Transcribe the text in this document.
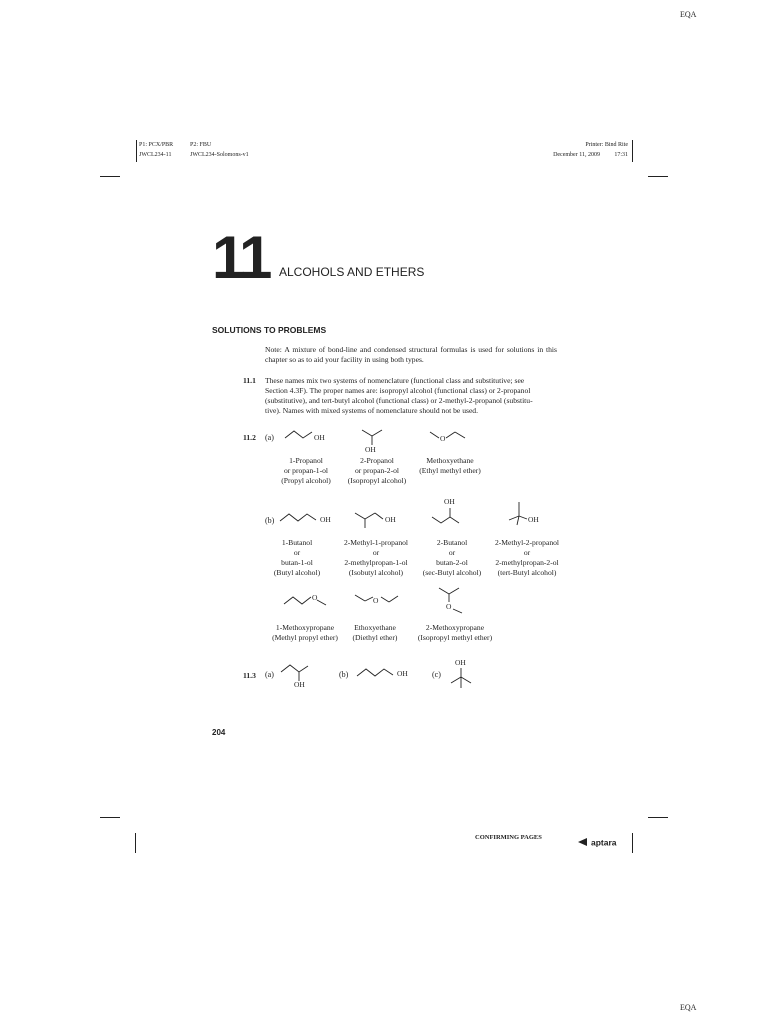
EQA
EQA
P1: PCX/PBR	P2: FBU
JWCL234-11	JWCL234-Solomons-v1
Printer: Bind Rite
December 11, 2009	17:31
11 ALCOHOLS AND ETHERS
SOLUTIONS TO PROBLEMS
Note: A mixture of bond-line and condensed structural formulas is used for solutions in this chapter so as to aid your facility in using both types.
11.1 These names mix two systems of nomenclature (functional class and substitutive; see
Section 4.3F). The proper names are: isopropyl alcohol (functional class) or 2-propanol
(substitutive), and tert-butyl alcohol (functional class) or 2-methyl-2-propanol (substitu-
tive). Names with mixed systems of nomenclature should not be used.
11.2 (a)	OH
OH
O
1-Propanol
or propan-1-ol
(Propyl alcohol)
2-Propanol
or propan-2-ol
(Isopropyl alcohol)
Methoxyethane
(Ethyl methyl ether)
(b)	OH	OH
OH
OH
1-Butanol
or
butan-1-ol
(Butyl alcohol)
2-Methyl-1-propanol
or
2-methylpropan-1-ol
(Isobutyl alcohol)
2-Butanol
or
butan-2-ol
(sec-Butyl alcohol)
2-Methyl-2-propanol
or
2-methylpropan-2-ol
(tert-Butyl alcohol)
O	O
O
1-Methoxypropane
(Methyl propyl ether)
Ethoxyethane
(Diethyl ether)
2-Methoxypropane
(Isopropyl methyl ether)
11.3 (a)
OH
(b)	OH	(c)
OH
204
CONFIRMING PAGES	aptara
